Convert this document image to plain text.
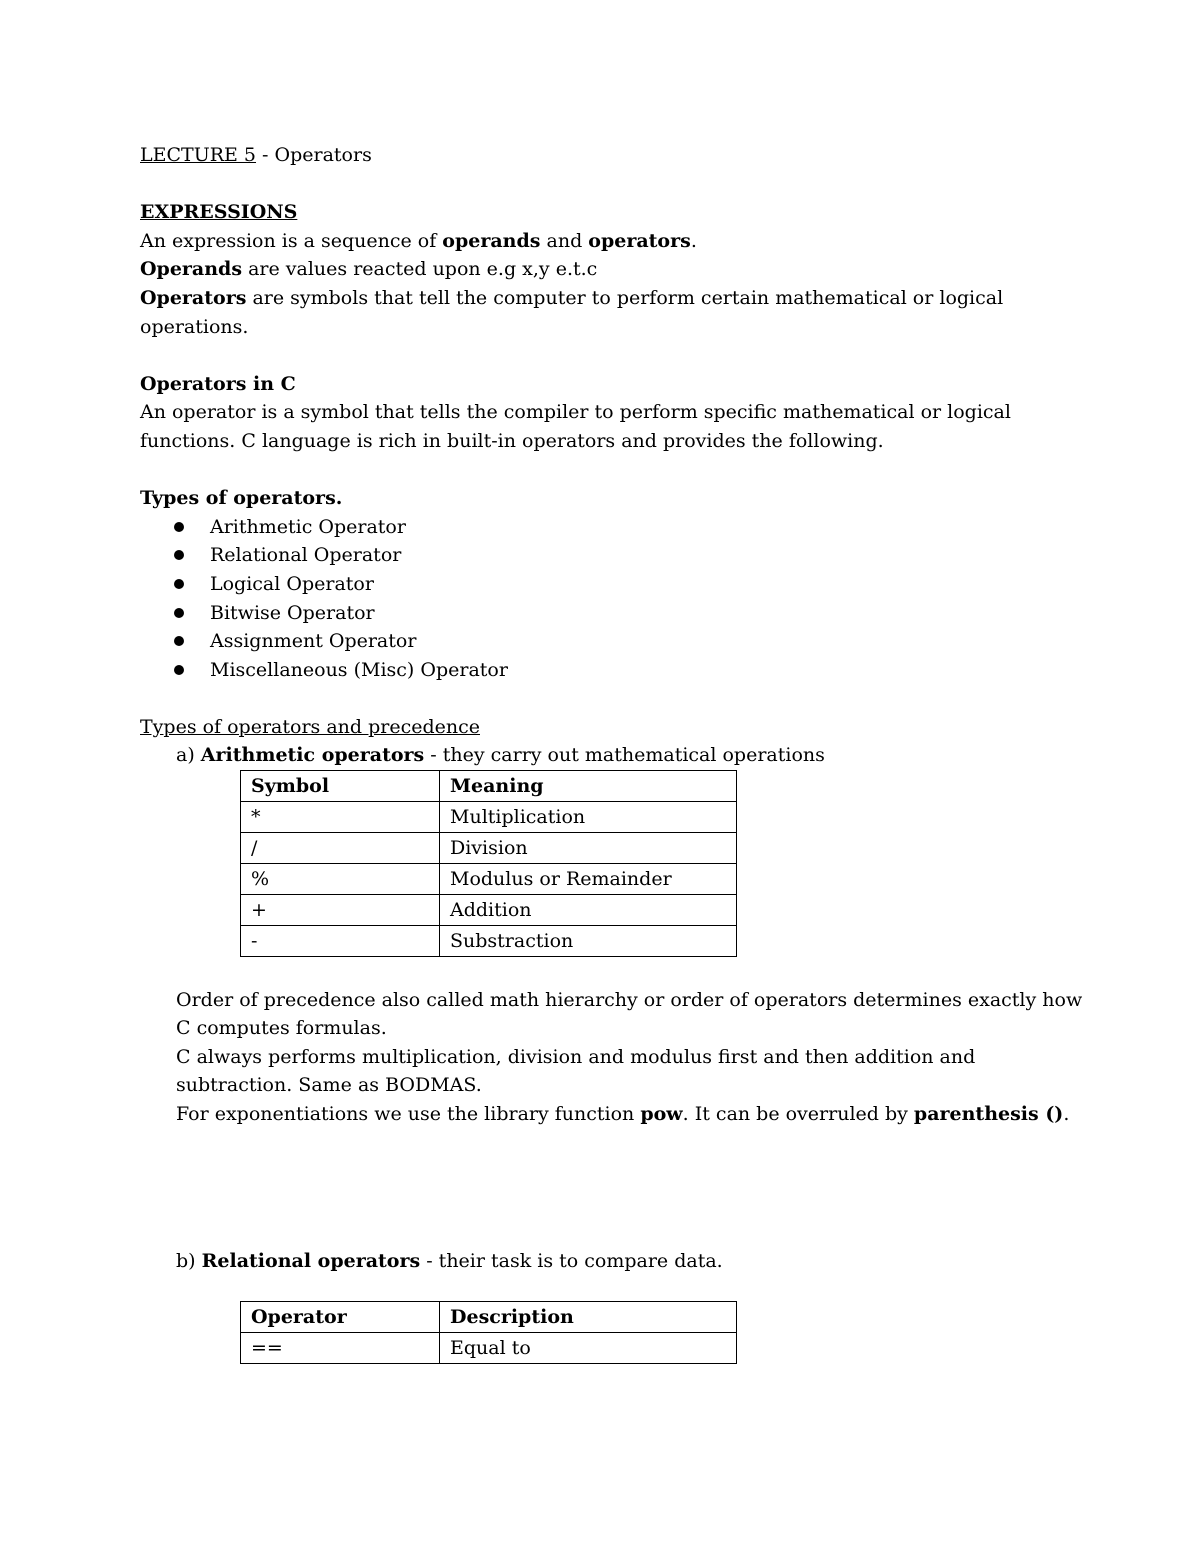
LECTURE 5 - Operators
EXPRESSIONS
An expression is a sequence of operands and operators.
Operands are values reacted upon e.g x,y e.t.c
Operators are symbols that tell the computer to perform certain mathematical or logical
operations.
Operators in C
An operator is a symbol that tells the compiler to perform specific mathematical or logical
functions. C language is rich in built-in operators and provides the following.
Types of operators.
Arithmetic Operator
Relational Operator
Logical Operator
Bitwise Operator
Assignment Operator
Miscellaneous (Misc) Operator
Types of operators and precedence
a) Arithmetic operators - they carry out mathematical operations
Symbol	Meaning
*	Multiplication
/	Division
%	Modulus or Remainder
+	Addition
-	Substraction
Order of precedence also called math hierarchy or order of operators determines exactly how
C computes formulas.
C always performs multiplication, division and modulus first and then addition and
subtraction. Same as BODMAS.
For exponentiations we use the library function pow. It can be overruled by parenthesis ().
b) Relational operators - their task is to compare data.
Operator	Description
==	Equal to
